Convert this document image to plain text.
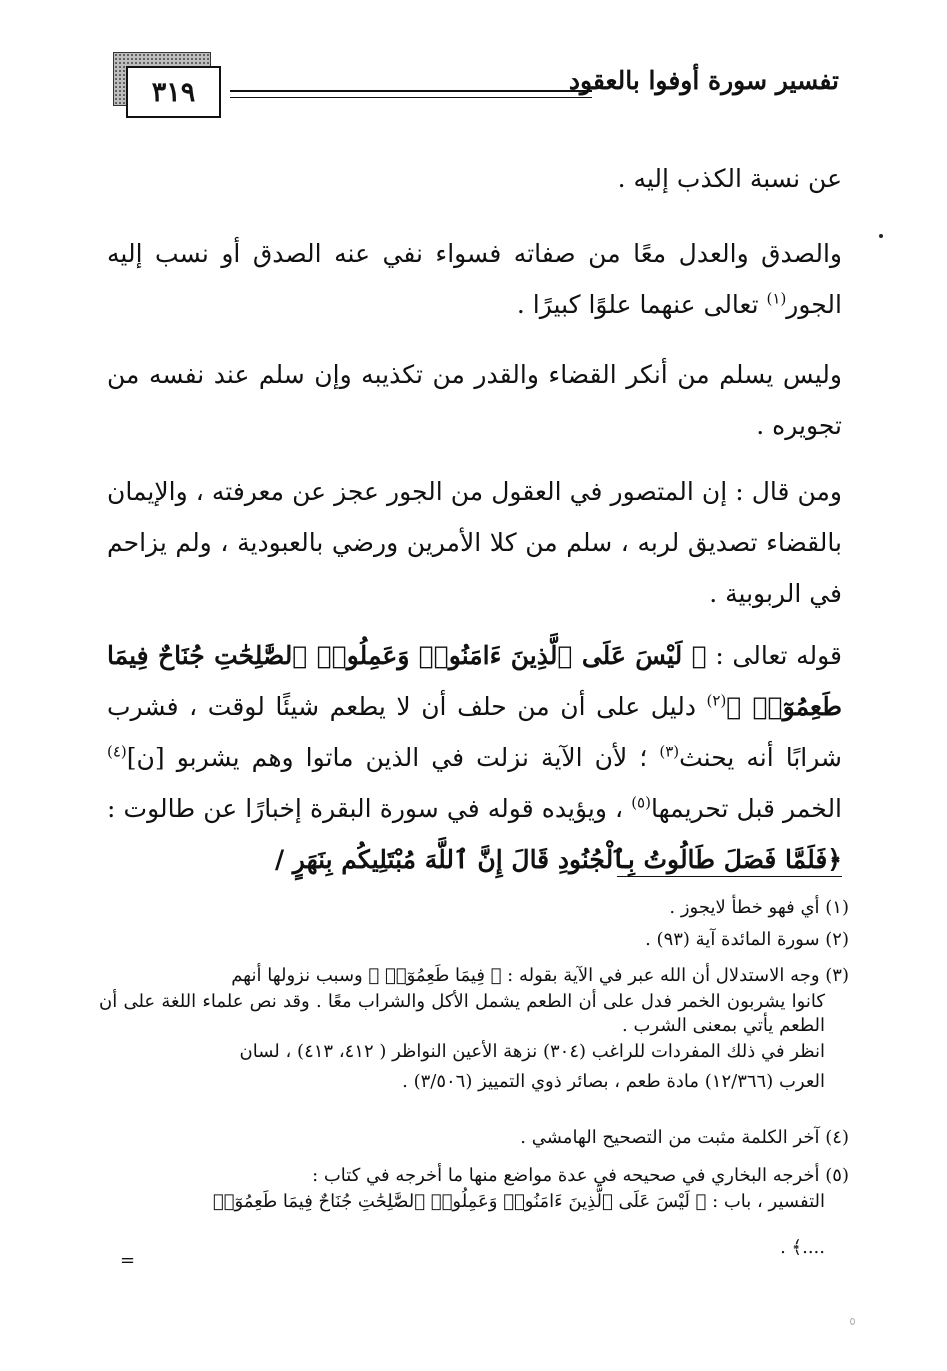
تفسير سورة أوفوا بالعقود
٣١٩

عن نسبة الكذب إليه .

والصدق والعدل معًا من صفاته فسواء نفي عنه الصدق أو نسب إليه الجور$^{(١)}$ تعالى عنهما علوًا كبيرًا .

وليس يسلم من أنكر القضاء والقدر من تكذيبه وإن سلم عند نفسه من تجويره .

ومن قال : إن المتصور في العقول من الجور عجز عن معرفته ، والإيمان بالقضاء تصديق لربه ، سلم من كلا الأمرين ورضي بالعبودية ، ولم يزاحم في الربوبية .

قوله تعالى : ﴿ لَيْسَ عَلَى ٱلَّذِينَ ءَامَنُوا۟ وَعَمِلُوا۟ ٱلصَّٰلِحَٰتِ جُنَاحٌ فِيمَا طَعِمُوٓا۟ ﴾$^{(٢)}$ دليل على أن من حلف أن لا يطعم شيئًا لوقت ، فشرب شرابًا أنه يحنث$^{(٣)}$ ؛ لأن الآية نزلت في الذين ماتوا وهم يشربو [ن]$^{(٤)}$ الخمر قبل تحريمها$^{(٥)}$ ، ويؤيده قوله في سورة البقرة إخبارًا عن طالوت : ﴿فَلَمَّا فَصَلَ طَالُوتُ بِٱلْجُنُودِ قَالَ إِنَّ ٱللَّهَ مُبْتَلِيكُم بِنَهَرٍ /

(١) أي فهو خطأ لايجوز .

(٢) سورة المائدة آية (٩٣) .

(٣) وجه الاستدلال أن الله عبر في الآية بقوله : ﴿ فِيمَا طَعِمُوٓا۟ ﴾ وسبب نزولها أنهم

كانوا يشربون الخمر فدل على أن الطعم يشمل الأكل والشراب معًا . وقد نص علماء اللغة على أن الطعم يأتي بمعنى الشرب .

انظر في ذلك المفردات للراغب (٣٠٤) نزهة الأعين النواظر ( ٤١٢، ٤١٣) ، لسان

العرب (١٢/٣٦٦) مادة طعم ، بصائر ذوي التمييز (٣/٥٠٦) .

(٤) آخر الكلمة مثبت من التصحيح الهامشي .

(٥) أخرجه البخاري في صحيحه في عدة مواضع منها ما أخرجه في كتاب :

التفسير ، باب : ﴿ لَيْسَ عَلَى ٱلَّذِينَ ءَامَنُوا۟ وَعَمِلُوا۟ ٱلصَّٰلِحَٰتِ جُنَاحٌ فِيمَا طَعِمُوٓا۟

....﴾ .

=
